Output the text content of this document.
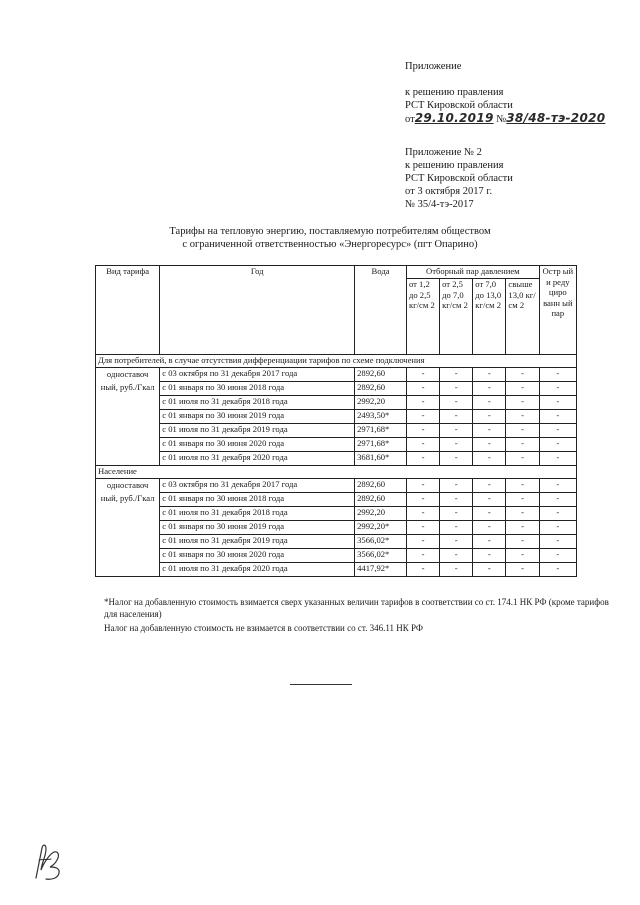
Приложение
к решению правления
РСТ Кировской области
от29.10.2019 №38/48-тэ-2020
Приложение № 2
к решению правления
РСТ Кировской области
от 3 октября 2017 г.
№ 35/4-тэ-2017
Тарифы на тепловую энергию, поставляемую потребителям обществом
с ограниченной ответственностью «Энергоресурс» (пгт Опарино)
Вид тарифа	Год	Вода	Отборный пар давлением				Остр ый и реду циро ванн ый пар
			от 1,2 до 2,5 кг/см 2	от 2,5 до 7,0 кг/см 2	от 7,0 до 13,0 кг/см 2	свыше 13,0 кг/см 2	
Для потребителей, в случае отсутствия дифференциации тарифов по схеме подключения							
одноставоч ный, руб./Гкал	с 03 октября по 31 декабря 2017 года	2892,60	-	-	-	-	-
	с 01 января по 30 июня 2018 года	2892,60	-	-	-	-	-
	с 01 июля по 31 декабря 2018 года	2992,20	-	-	-	-	-
	с 01 января по 30 июня 2019 года	2493,50*	-	-	-	-	-
	с 01 июля по 31 декабря 2019 года	2971,68*	-	-	-	-	-
	с 01 января по 30 июня 2020 года	2971,68*	-	-	-	-	-
	с 01 июля по 31 декабря 2020 года	3681,60*	-	-	-	-	-
Население							
одноставоч ный, руб./Гкал	с 03 октября по 31 декабря 2017 года	2892,60	-	-	-	-	-
	с 01 января по 30 июня 2018 года	2892,60	-	-	-	-	-
	с 01 июля по 31 декабря 2018 года	2992,20	-	-	-	-	-
	с 01 января по 30 июня 2019 года	2992,20*	-	-	-	-	-
	с 01 июля по 31 декабря 2019 года	3566,02*	-	-	-	-	-
	с 01 января по 30 июня 2020 года	3566,02*	-	-	-	-	-
	с 01 июля по 31 декабря 2020 года	4417,92*	-	-	-	-	-
*Налог на добавленную стоимость взимается сверх указанных величин тарифов в соответствии со ст. 174.1 НК РФ (кроме тарифов для населения)
Налог на добавленную стоимость не взимается в соответствии со ст. 346.11 НК РФ
